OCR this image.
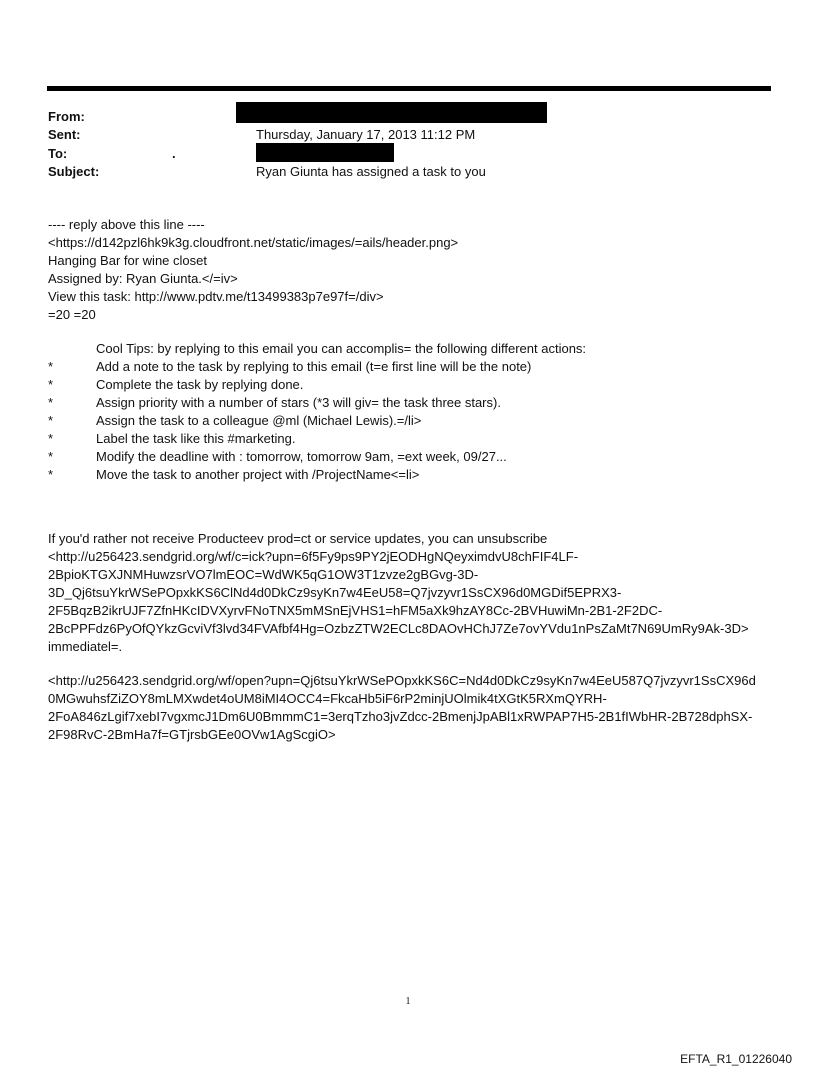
From:
Sent:	Thursday, January 17, 2013 11:12 PM
To:	.
Subject:	Ryan Giunta has assigned a task to you
---- reply above this line ----
<https://d142pzl6hk9k3g.cloudfront.net/static/images/=ails/header.png>
Hanging Bar for wine closet
Assigned by: Ryan Giunta.</=iv>
View this task: http://www.pdtv.me/t13499383p7e97f=/div>
=20 =20
Cool Tips: by replying to this email you can accomplis= the following different actions:
*	Add a note to the task by replying to this email (t=e first line will be the note)
*	Complete the task by replying done.
*	Assign priority with a number of stars (*3 will giv= the task three stars).
*	Assign the task to a colleague @ml (Michael Lewis).=/li>
*	Label the task like this #marketing.
*	Modify the deadline with : tomorrow, tomorrow 9am, =ext week, 09/27...
*	Move the task to another project with /ProjectName<=li>
If you'd rather not receive Producteev prod=ct or service updates, you can unsubscribe
<http://u256423.sendgrid.org/wf/c=ick?upn=6f5Fy9ps9PY2jEODHgNQeyximdvU8chFIF4LF-
2BpioKTGXJNMHuwzsrVO7lmEOC=WdWK5qG1OW3T1zvze2gBGvg-3D-
3D_Qj6tsuYkrWSePOpxkKS6ClNd4d0DkCz9syKn7w4EeU58=Q7jvzyvr1SsCX96d0MGDif5EPRX3-
2F5BqzB2ikrUJF7ZfnHKcIDVXyrvFNoTNX5mMSnEjVHS1=hFM5aXk9hzAY8Cc-2BVHuwiMn-2B1-2F2DC-
2BcPPFdz6PyOfQYkzGcviVf3lvd34FVAfbf4Hg=OzbzZTW2ECLc8DAOvHChJ7Ze7ovYVdu1nPsZaMt7N69UmRy9Ak-3D>
immediatel=.
<http://u256423.sendgrid.org/wf/open?upn=Qj6tsuYkrWSePOpxkKS6C=Nd4d0DkCz9syKn7w4EeU587Q7jvzyvr1SsCX96d
0MGwuhsfZiZOY8mLMXwdet4oUM8iMI4OCC4=FkcaHb5iF6rP2minjUOlmik4tXGtK5RXmQYRH-
2FoA846zLgif7xebI7vgxmcJ1Dm6U0BmmmC1=3erqTzho3jvZdcc-2BmenjJpABl1xRWPAP7H5-2B1fIWbHR-2B728dphSX-
2F98RvC-2BmHa7f=GTjrsbGEe0OVw1AgScgiO>
1
EFTA_R1_01226040
